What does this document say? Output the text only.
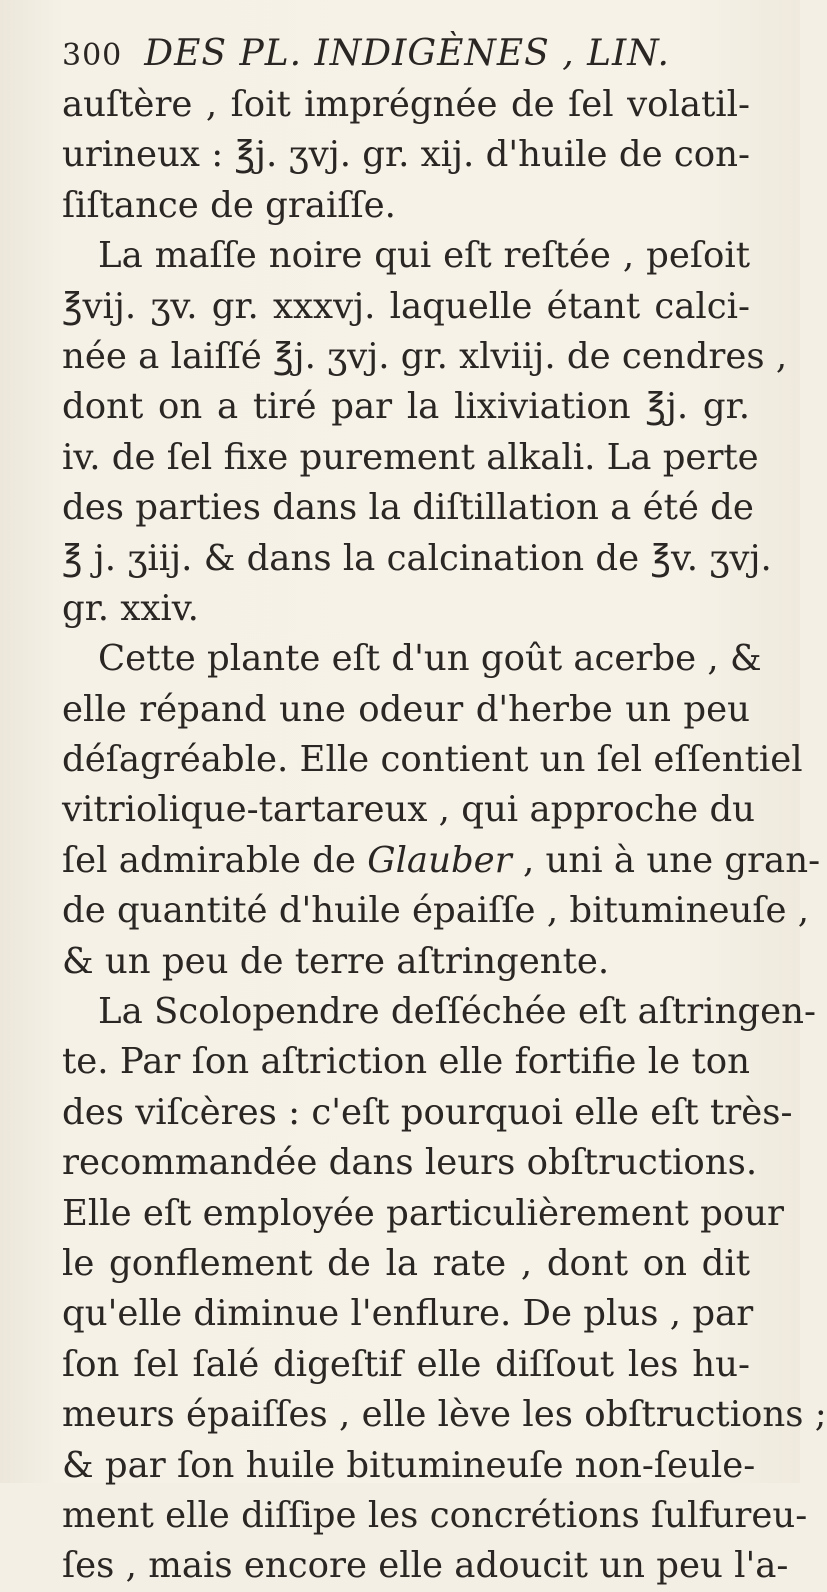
300 DES PL. INDIGÈNES , LIN.
auſtère , ſoit imprégnée de ſel volatil-
urineux : ℥j. ʒvj. gr. xij. d'huile de con-
ſiſtance de graiſſe.
La maſſe noire qui eſt reſtée , peſoit
℥vij. ʒv. gr. xxxvj. laquelle étant calci-
née a laiſſé ℥j. ʒvj. gr. xlviij. de cendres ,
dont on a tiré par la lixiviation ℥j. gr.
iv. de ſel fixe purement alkali. La perte
des parties dans la diſtillation a été de
℥ j. ʒiij. & dans la calcination de ℥v. ʒvj.
gr. xxiv.
Cette plante eſt d'un goût acerbe , &
elle répand une odeur d'herbe un peu
déſagréable. Elle contient un ſel eſſentiel
vitriolique-tartareux , qui approche du
ſel admirable de Glauber , uni à une gran-
de quantité d'huile épaiſſe , bitumineuſe ,
& un peu de terre aſtringente.
La Scolopendre deſſéchée eſt aſtringen-
te. Par ſon aſtriction elle fortifie le ton
des viſcères : c'eſt pourquoi elle eſt très-
recommandée dans leurs obſtructions.
Elle eſt employée particulièrement pour
le gonflement de la rate , dont on dit
qu'elle diminue l'enflure. De plus , par
ſon ſel ſalé digeſtif elle diſſout les hu-
meurs épaiſſes , elle lève les obſtructions ;
& par ſon huile bitumineuſe non-ſeule-
ment elle diſſipe les concrétions ſulfureu-
ſes , mais encore elle adoucit un peu l'a-
